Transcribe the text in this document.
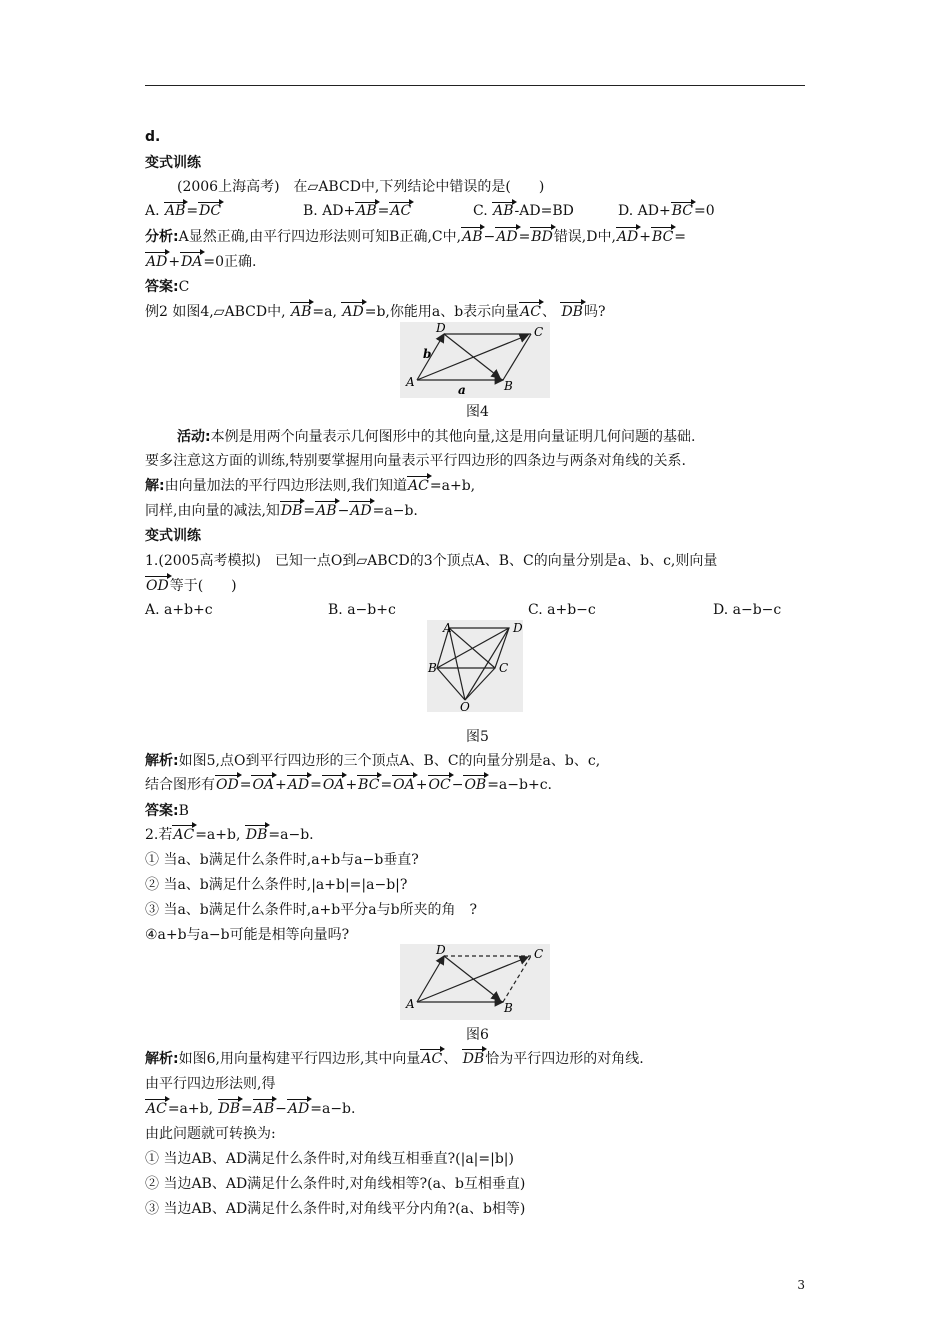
d.
变式训练
(2006上海高考)　在▱ABCD中,下列结论中错误的是(　　)
A. AB=DC	B. AD+AB=AC	C. AB-AD=BD	D. AD+BC=0
分析:A显然正确,由平行四边形法则可知B正确,C中,AB−AD=BD错误,D中,AD+BC=
AD+DA=0正确.
答案:C
例2 如图4,▱ABCD中, AB=a, AD=b,你能用a、b表示向量AC、 DB吗?
A	B
C
D
a
b
图4
活动:本例是用两个向量表示几何图形中的其他向量,这是用向量证明几何问题的基础.
要多注意这方面的训练,特别要掌握用向量表示平行四边形的四条边与两条对角线的关系.
解:由向量加法的平行四边形法则,我们知道AC=a+b,
同样,由向量的减法,知DB=AB−AD=a−b.
变式训练
1.(2005高考模拟)　已知一点O到▱ABCD的3个顶点A、B、C的向量分别是a、b、c,则向量
OD等于(　　)
A. a+b+c	B. a−b+c	C. a+b−c	D. a−b−c
A	D
B	C
O
图5
解析:如图5,点O到平行四边形的三个顶点A、B、C的向量分别是a、b、c,
结合图形有OD=OA+AD=OA+BC=OA+OC−OB=a−b+c.
答案:B
2.若AC=a+b, DB=a−b.
① 当a、b满足什么条件时,a+b与a−b垂直?
② 当a、b满足什么条件时,|a+b|=|a−b|?
③ 当a、b满足什么条件时,a+b平分a与b所夹的角　?
④a+b与a−b可能是相等向量吗?
A	B
C
D
图6
解析:如图6,用向量构建平行四边形,其中向量AC、 DB恰为平行四边形的对角线.
由平行四边形法则,得
AC=a+b, DB=AB−AD=a−b.
由此问题就可转换为:
① 当边AB、AD满足什么条件时,对角线互相垂直?(|a|=|b|)
② 当边AB、AD满足什么条件时,对角线相等?(a、b互相垂直)
③ 当边AB、AD满足什么条件时,对角线平分内角?(a、b相等)
3
